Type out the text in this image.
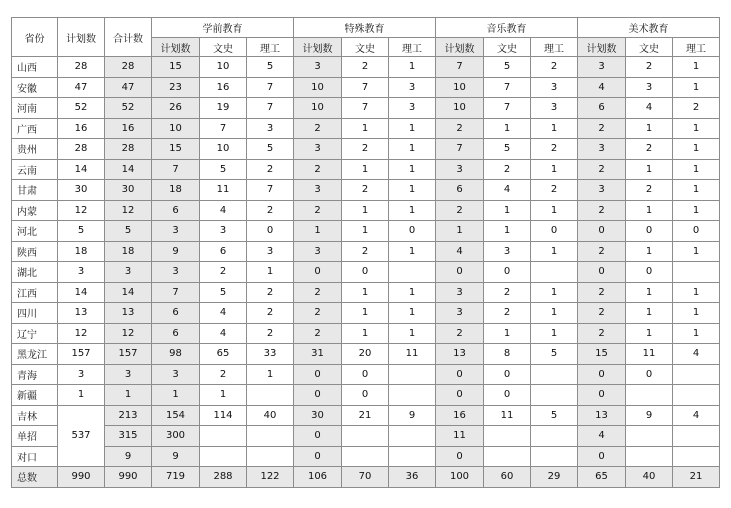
省份	计划数	合计数	学前教育			特殊教育			音乐教育			美术教育		
			计划数	文史	理工	计划数	文史	理工	计划数	文史	理工	计划数	文史	理工
山西	28	28	15	10	5	3	2	1	7	5	2	3	2	1
安徽	47	47	23	16	7	10	7	3	10	7	3	4	3	1
河南	52	52	26	19	7	10	7	3	10	7	3	6	4	2
广西	16	16	10	7	3	2	1	1	2	1	1	2	1	1
贵州	28	28	15	10	5	3	2	1	7	5	2	3	2	1
云南	14	14	7	5	2	2	1	1	3	2	1	2	1	1
甘肃	30	30	18	11	7	3	2	1	6	4	2	3	2	1
内蒙	12	12	6	4	2	2	1	1	2	1	1	2	1	1
河北	5	5	3	3	0	1	1	0	1	1	0	0	0	0
陕西	18	18	9	6	3	3	2	1	4	3	1	2	1	1
湖北	3	3	3	2	1	0	0		0	0		0	0	
江西	14	14	7	5	2	2	1	1	3	2	1	2	1	1
四川	13	13	6	4	2	2	1	1	3	2	1	2	1	1
辽宁	12	12	6	4	2	2	1	1	2	1	1	2	1	1
黑龙江	157	157	98	65	33	31	20	11	13	8	5	15	11	4
青海	3	3	3	2	1	0	0		0	0		0	0	
新疆	1	1	1	1		0	0		0	0		0		
吉林	537	213	154	114	40	30	21	9	16	11	5	13	9	4
单招		315	300			0			11			4		
对口		9	9			0			0			0		
总数	990	990	719	288	122	106	70	36	100	60	29	65	40	21
